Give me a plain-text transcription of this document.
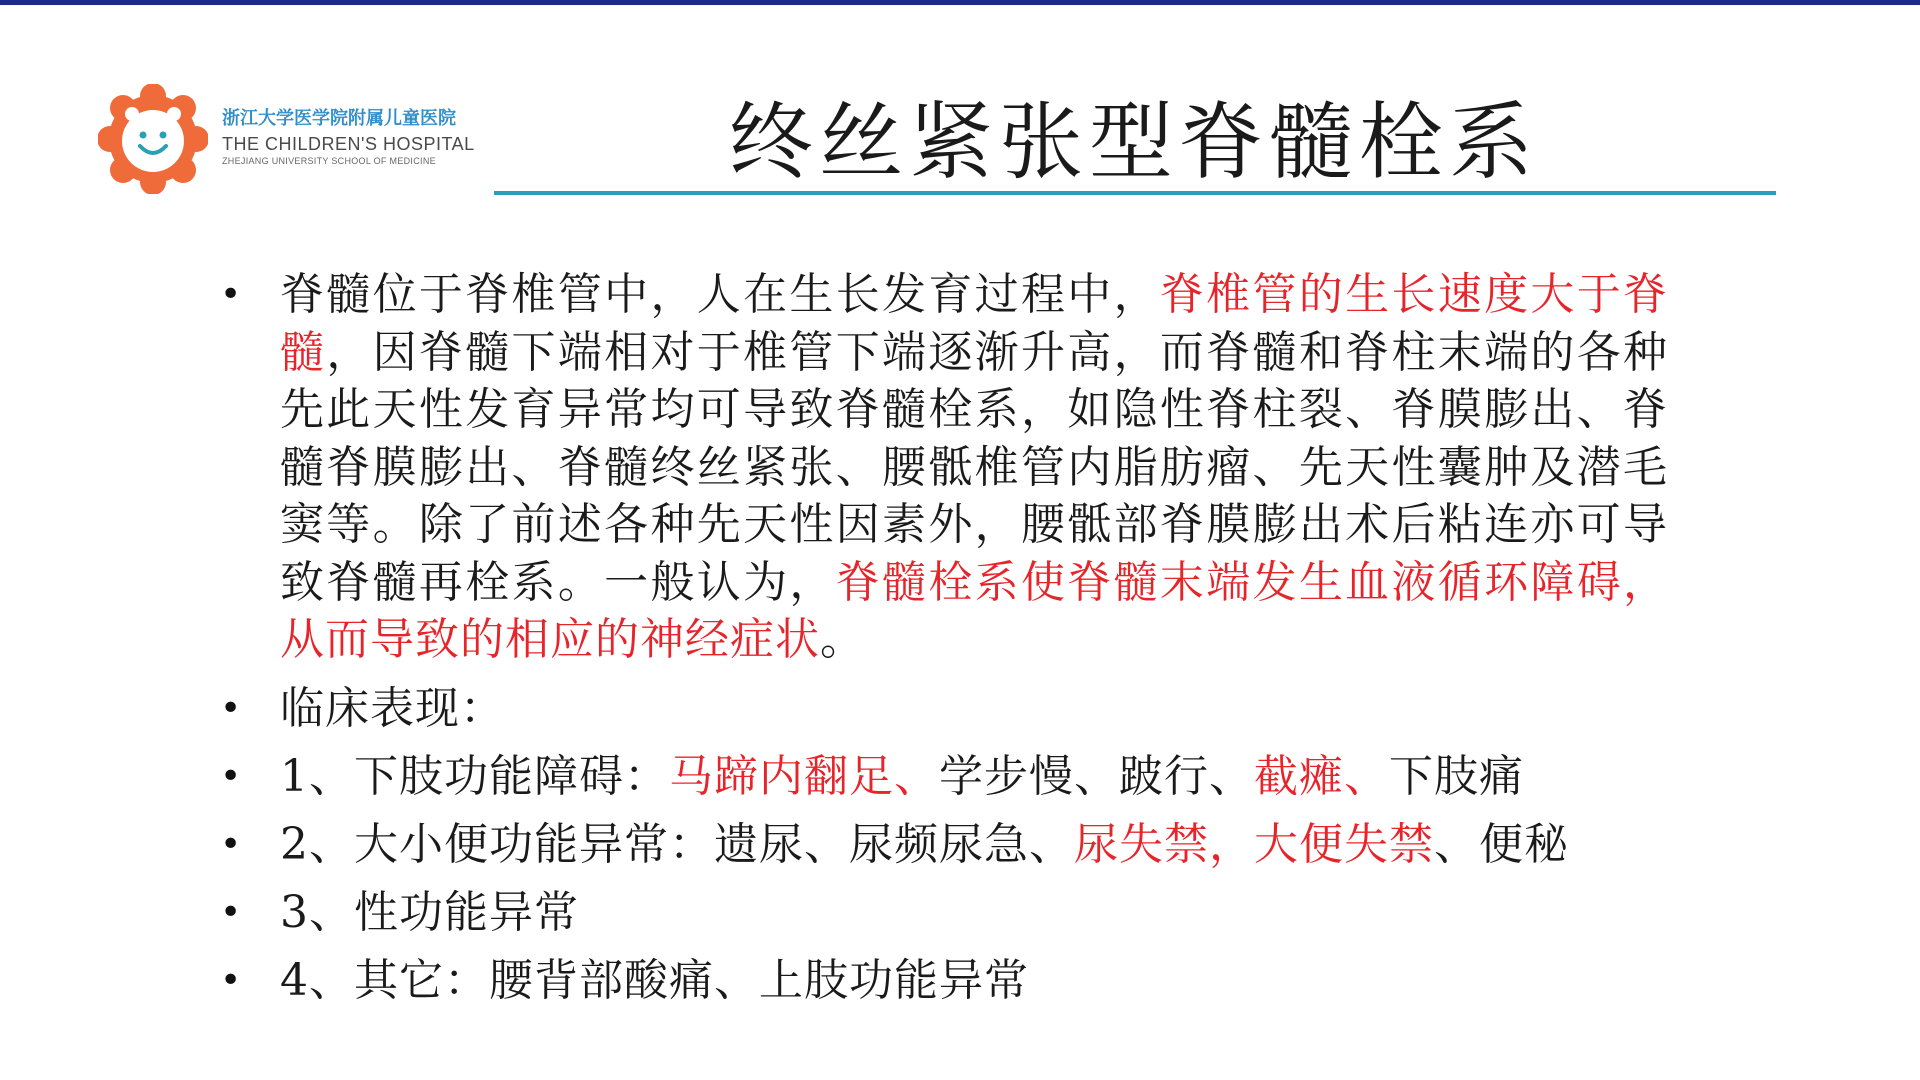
浙江大学医学院附属儿童医院
THE CHILDREN'S HOSPITAL
ZHEJIANG UNIVERSITY SCHOOL OF MEDICINE	终丝紧张型脊髓栓系
• 脊髓位于脊椎管中，人在生长发育过程中，脊椎管的生长速度大于脊髓，因脊髓下端相对于椎管下端逐渐升高，而脊髓和脊柱末端的各种先此天性发育异常均可导致脊髓栓系，如隐性脊柱裂、脊膜膨出、脊髓脊膜膨出、脊髓终丝紧张、腰骶椎管内脂肪瘤、先天性囊肿及潜毛窦等。除了前述各种先天性因素外，腰骶部脊膜膨出术后粘连亦可导致脊髓再栓系。一般认为，脊髓栓系使脊髓末端发生血液循环障碍，从而导致的相应的神经症状。
• 临床表现：
• 1、下肢功能障碍：马蹄内翻足、学步慢、跛行、截瘫、下肢痛
• 2、大小便功能异常：遗尿、尿频尿急、尿失禁，大便失禁、便秘
• 3、性功能异常
• 4、其它：腰背部酸痛、上肢功能异常
